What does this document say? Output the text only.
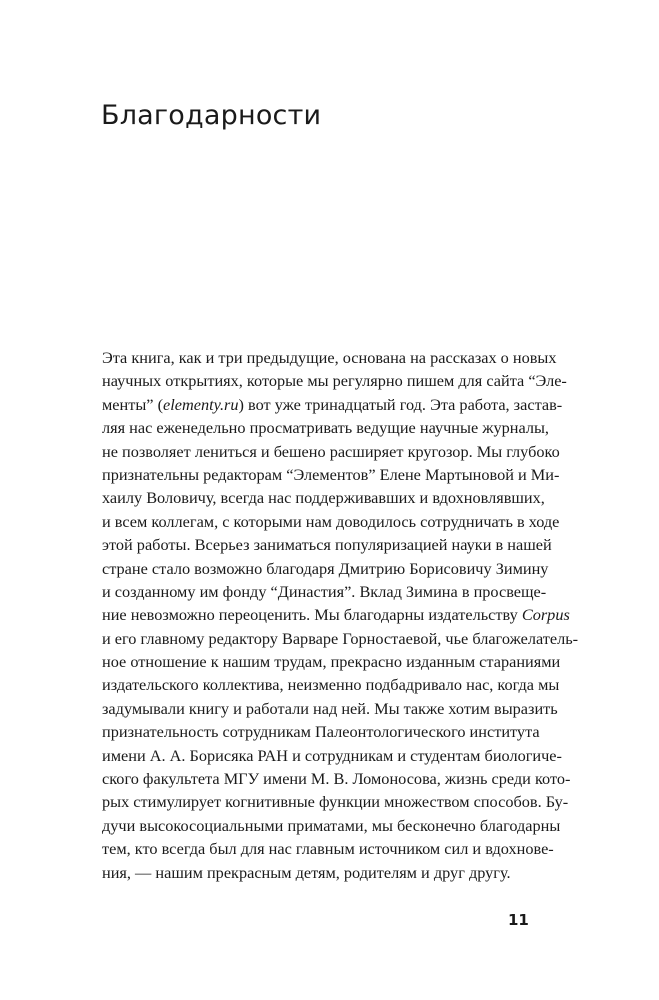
Благодарности
Эта книга, как и три предыдущие, основана на рассказах о новых
научных открытиях, которые мы регулярно пишем для сайта “Эле-
менты” (elementy.ru) вот уже тринадцатый год. Эта работа, застав-
ляя нас еженедельно просматривать ведущие научные журналы,
не позволяет лениться и бешено расширяет кругозор. Мы глубоко
признательны редакторам “Элементов” Елене Мартыновой и Ми-
хаилу Воловичу, всегда нас поддерживавших и вдохновлявших,
и всем коллегам, с которыми нам доводилось сотрудничать в ходе
этой работы. Всерьез заниматься популяризацией науки в нашей
стране стало возможно благодаря Дмитрию Борисовичу Зимину
и созданному им фонду “Династия”. Вклад Зимина в просвеще-
ние невозможно переоценить. Мы благодарны издательству Corpus
и его главному редактору Варваре Горностаевой, чье благожелатель-
ное отношение к нашим трудам, прекрасно изданным стараниями
издательского коллектива, неизменно подбадривало нас, когда мы
задумывали книгу и работали над ней. Мы также хотим выразить
признательность сотрудникам Палеонтологического института
имени А. А. Борисяка РАН и сотрудникам и студентам биологиче-
ского факультета МГУ имени М. В. Ломоносова, жизнь среди кото-
рых стимулирует когнитивные функции множеством способов. Бу-
дучи высокосоциальными приматами, мы бесконечно благодарны
тем, кто всегда был для нас главным источником сил и вдохнове-
ния, — нашим прекрасным детям, родителям и друг другу.
11
